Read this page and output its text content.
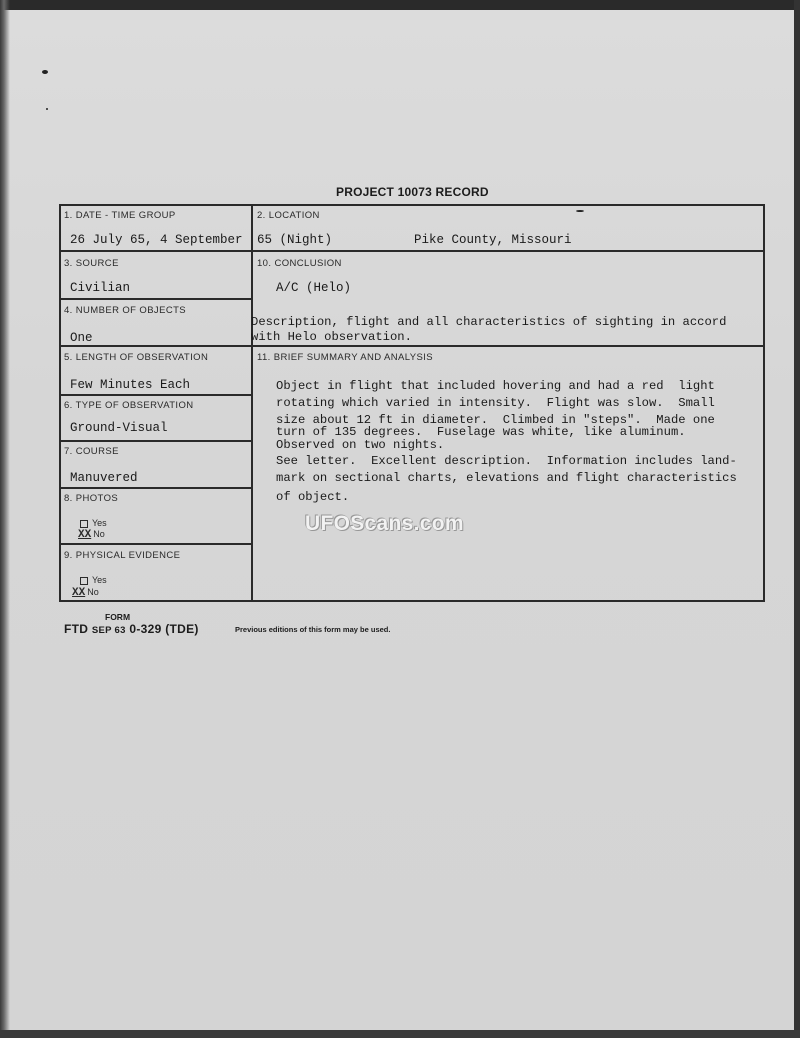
PROJECT 10073 RECORD
1. DATE - TIME GROUP
26 July 65, 4 September
2. LOCATION
65 (Night)	Pike County, Missouri
3. SOURCE
Civilian
10. CONCLUSION
A/C (Helo)
Description, flight and all characteristics of sighting in accord
with Helo observation.
4. NUMBER OF OBJECTS
One
5. LENGTH OF OBSERVATION
Few Minutes Each
11. BRIEF SUMMARY AND ANALYSIS
Object in flight that included hovering and had a red  light
rotating which varied in intensity.  Flight was slow.  Small
size about 12 ft in diameter.  Climbed in "steps".  Made one
turn of 135 degrees.  Fuselage was white, like aluminum.
Observed on two nights.
See letter.  Excellent description.  Information includes land-
mark on sectional charts, elevations and flight characteristics
of object.
6. TYPE OF OBSERVATION
Ground-Visual
7. COURSE
Manuvered
8. PHOTOS
Yes
XX No
9. PHYSICAL EVIDENCE
Yes
XX No
UFOScans.com
FORM
FTD SEP 63 0-329 (TDE)	Previous editions of this form may be used.
